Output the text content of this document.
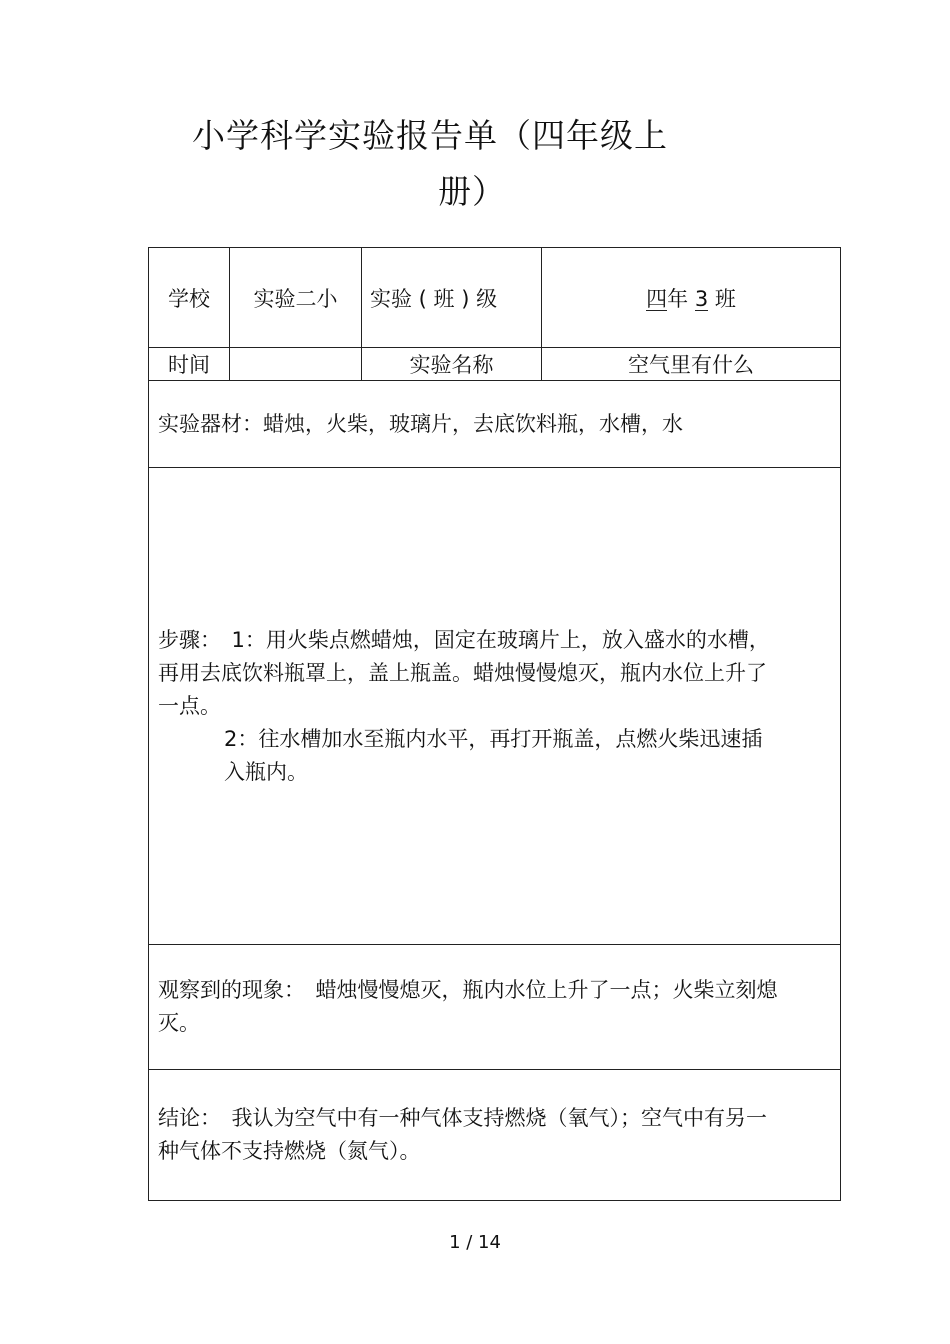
小学科学实验报告单（四年级上
册）
学校	实验二小	实验 ( 班 ) 级	四年 3 班
时间		实验名称	空气里有什么

实验器材：蜡烛，火柴，玻璃片，去底饮料瓶，水槽，水			

步骤：　1：用火柴点燃蜡烛，固定在玻璃片上，放入盛水的水槽，再用去底饮料瓶罩上，盖上瓶盖。蜡烛慢慢熄灭，瓶内水位上升了一点。
2：往水槽加水至瓶内水平，再打开瓶盖，点燃火柴迅速插入瓶内。			

观察到的现象：　蜡烛慢慢熄灭，瓶内水位上升了一点；火柴立刻熄灭。			

结论：　我认为空气中有一种气体支持燃烧（氧气）；空气中有另一种气体不支持燃烧（氮气）。			
1 / 14
